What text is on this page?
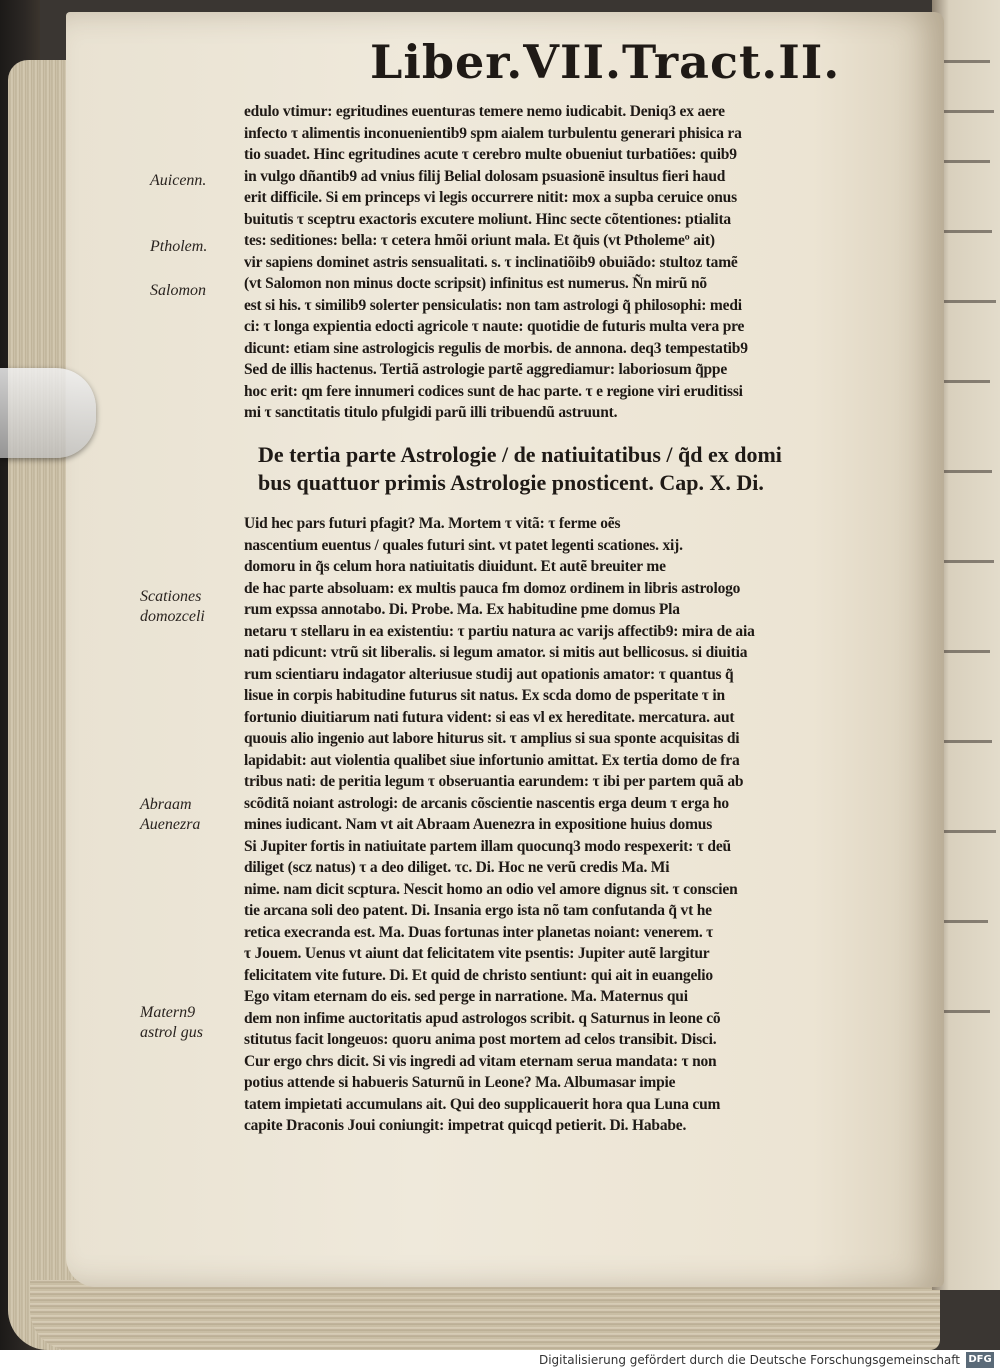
Liber.VII.Tract.II.
edulo vtimur: egritudines euenturas temere nemo iudicabit. Deniq3 ex aere
infecto τ alimentis inconuenientib9 spm aialem turbulentu generari phisica ra
tio suadet. Hinc egritudines acute τ cerebro multe obueniut turbatiões: quib9
in vulgo dñantib9 ad vnius filij Belial dolosam psuasionē insultus fieri haud
erit difficile. Si em princeps vi legis occurrere nitit: mox a supba ceruice onus
buitutis τ sceptru exactoris excutere moliunt. Hinc secte cõtentiones: ptialita
tes: seditiones: bella: τ cetera hmõi oriunt mala. Et q̃uis (vt Ptholemeº ait)
vir sapiens dominet astris sensualitati. s. τ inclinatiõib9 obuiãdo: stultoz tamẽ
(vt Salomon non minus docte scripsit) infinitus est numerus. Ñn mirũ nõ
est si his. τ similib9 solerter pensiculatis: non tam astrologi q̃ philosophi: medi
ci: τ longa expientia edocti agricole τ naute: quotidie de futuris multa vera pre
dicunt: etiam sine astrologicis regulis de morbis. de annona. deq3 tempestatib9
Sed de illis hactenus. Tertiã astrologie partẽ aggrediamur: laboriosum q̃ppe
hoc erit: qm fere innumeri codices sunt de hac parte. τ e regione viri eruditissi
mi τ sanctitatis titulo pfulgidi parũ illi tribuendũ astruunt.
Auicenn.
Ptholem.
Salomon
De tertia parte Astrologie / de natiuitatibus / q̃d ex domi
bus quattuor primis Astrologie pnosticent. Cap. X. Di.
Uid hec pars futuri pfagit? Ma. Mortem τ vitã: τ ferme oẽs
nascentium euentus / quales futuri sint. vt patet legenti scationes. xij.
domoru in q̃s celum hora natiuitatis diuidunt. Et autẽ breuiter me
de hac parte absoluam: ex multis pauca fm domoz ordinem in libris astrologo
rum expssa annotabo. Di. Probe. Ma. Ex habitudine pme domus Pla
netaru τ stellaru in ea existentiu: τ partiu natura ac varijs affectib9: mira de aia
nati pdicunt: vtrũ sit liberalis. si legum amator. si mitis aut bellicosus. si diuitia
rum scientiaru indagator alteriusue studij aut opationis amator: τ quantus q̃
lisue in corpis habitudine futurus sit natus. Ex scda domo de psperitate τ in
fortunio diuitiarum nati futura vident: si eas vl ex hereditate. mercatura. aut
quouis alio ingenio aut labore hiturus sit. τ amplius si sua sponte acquisitas di
lapidabit: aut violentia qualibet siue infortunio amittat. Ex tertia domo de fra
tribus nati: de peritia legum τ obseruantia earundem: τ ibi per partem quã ab
scõditã noiant astrologi: de arcanis cõscientie nascentis erga deum τ erga ho
mines iudicant. Nam vt ait Abraam Auenezra in expositione huius domus
Si Jupiter fortis in natiuitate partem illam quocunq3 modo respexerit: τ deũ
diliget (scz natus) τ a deo diliget. τc. Di. Hoc ne verũ credis Ma. Mi
nime. nam dicit scptura. Nescit homo an odio vel amore dignus sit. τ conscien
tie arcana soli deo patent. Di. Insania ergo ista nõ tam confutanda q̃ vt he
retica execranda est. Ma. Duas fortunas inter planetas noiant: venerem. τ
τ Jouem. Uenus vt aiunt dat felicitatem vite psentis: Jupiter autẽ largitur
felicitatem vite future. Di. Et quid de christo sentiunt: qui ait in euangelio
Ego vitam eternam do eis. sed perge in narratione. Ma. Maternus qui
dem non infime auctoritatis apud astrologos scribit. q Saturnus in leone cõ
stitutus facit longeuos: quoru anima post mortem ad celos transibit. Disci.
Cur ergo chrs dicit. Si vis ingredi ad vitam eternam serua mandata: τ non
potius attende si habueris Saturnũ in Leone? Ma. Albumasar impie
tatem impietati accumulans ait. Qui deo supplicauerit hora qua Luna cum
capite Draconis Joui coniungit: impetrat quicqd petierit. Di. Hababe.
Scationes
domozceli
Abraam
Auenezra
Matern9
astrol gus
Digitalisierung gefördert durch die Deutsche Forschungsgemeinschaft DFG
